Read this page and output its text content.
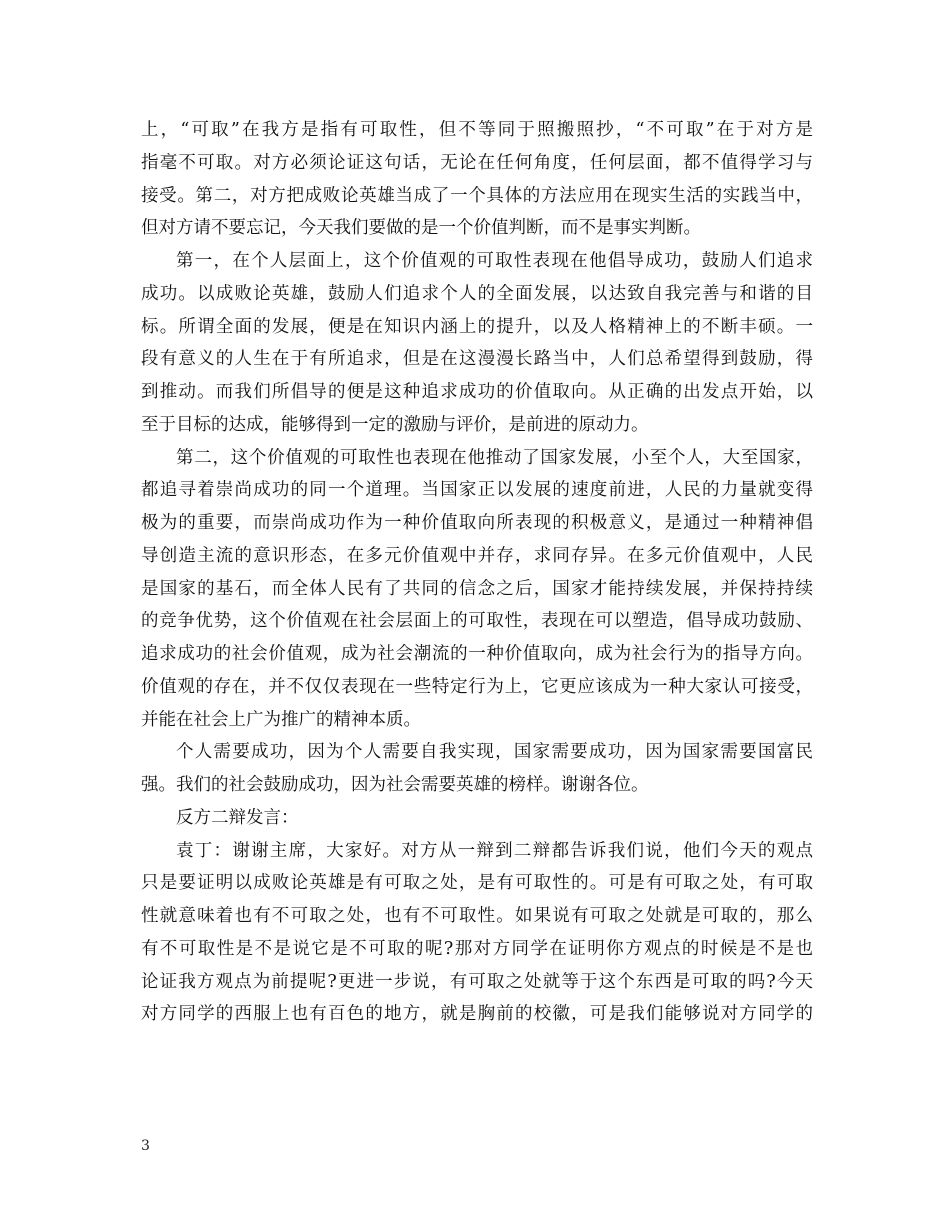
上，“可取”在我方是指有可取性，但不等同于照搬照抄，“不可取”在于对方是
指毫不可取。对方必须论证这句话，无论在任何角度，任何层面，都不值得学习与
接受。第二，对方把成败论英雄当成了一个具体的方法应用在现实生活的实践当中，
但对方请不要忘记，今天我们要做的是一个价值判断，而不是事实判断。
第一，在个人层面上，这个价值观的可取性表现在他倡导成功，鼓励人们追求
成功。以成败论英雄，鼓励人们追求个人的全面发展，以达致自我完善与和谐的目
标。所谓全面的发展，便是在知识内涵上的提升，以及人格精神上的不断丰硕。一
段有意义的人生在于有所追求，但是在这漫漫长路当中，人们总希望得到鼓励，得
到推动。而我们所倡导的便是这种追求成功的价值取向。从正确的出发点开始，以
至于目标的达成，能够得到一定的激励与评价，是前进的原动力。
第二，这个价值观的可取性也表现在他推动了国家发展，小至个人，大至国家，
都追寻着崇尚成功的同一个道理。当国家正以发展的速度前进，人民的力量就变得
极为的重要，而崇尚成功作为一种价值取向所表现的积极意义，是通过一种精神倡
导创造主流的意识形态，在多元价值观中并存，求同存异。在多元价值观中，人民
是国家的基石，而全体人民有了共同的信念之后，国家才能持续发展，并保持持续
的竞争优势，这个价值观在社会层面上的可取性，表现在可以塑造，倡导成功鼓励、
追求成功的社会价值观，成为社会潮流的一种价值取向，成为社会行为的指导方向。
价值观的存在，并不仅仅表现在一些特定行为上，它更应该成为一种大家认可接受，
并能在社会上广为推广的精神本质。
个人需要成功，因为个人需要自我实现，国家需要成功，因为国家需要国富民
强。我们的社会鼓励成功，因为社会需要英雄的榜样。谢谢各位。
反方二辩发言：
袁丁：谢谢主席，大家好。对方从一辩到二辩都告诉我们说，他们今天的观点
只是要证明以成败论英雄是有可取之处，是有可取性的。可是有可取之处，有可取
性就意味着也有不可取之处，也有不可取性。如果说有可取之处就是可取的，那么
有不可取性是不是说它是不可取的呢?那对方同学在证明你方观点的时候是不是也
论证我方观点为前提呢?更进一步说，有可取之处就等于这个东西是可取的吗?今天
对方同学的西服上也有百色的地方，就是胸前的校徽，可是我们能够说对方同学的
3
